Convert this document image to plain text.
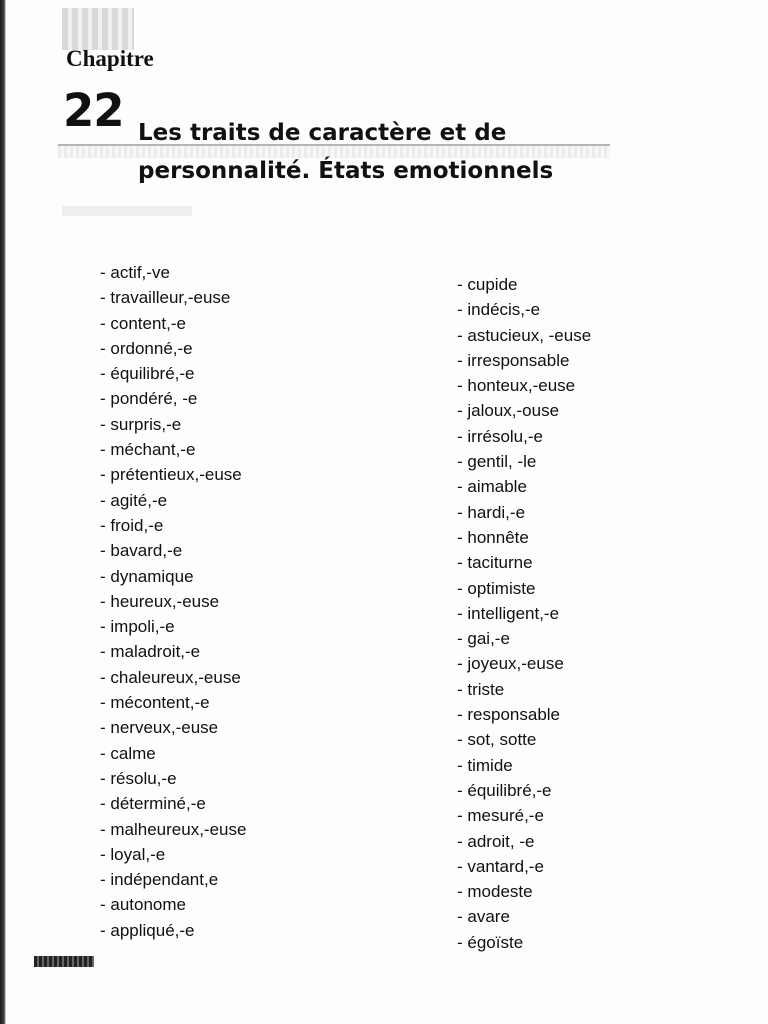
Chapitre
22 Les traits de caractère et de personnalité. États emotionnels
- actif,-ve
- travailleur,-euse
- content,-e
- ordonné,-e
- équilibré,-e
- pondéré, -e
- surpris,-e
- méchant,-e
- prétentieux,-euse
- agité,-e
- froid,-e
- bavard,-e
- dynamique
- heureux,-euse
- impoli,-e
- maladroit,-e
- chaleureux,-euse
- mécontent,-e
- nerveux,-euse
- calme
- résolu,-e
- déterminé,-e
- malheureux,-euse
- loyal,-e
- indépendant,e
- autonome
- appliqué,-e
- cupide
- indécis,-e
- astucieux, -euse
- irresponsable
- honteux,-euse
- jaloux,-ouse
- irrésolu,-e
- gentil, -le
- aimable
- hardi,-e
- honnête
- taciturne
- optimiste
- intelligent,-e
- gai,-e
- joyeux,-euse
- triste
- responsable
- sot, sotte
- timide
- équilibré,-e
- mesuré,-e
- adroit, -e
- vantard,-e
- modeste
- avare
- égoïste
